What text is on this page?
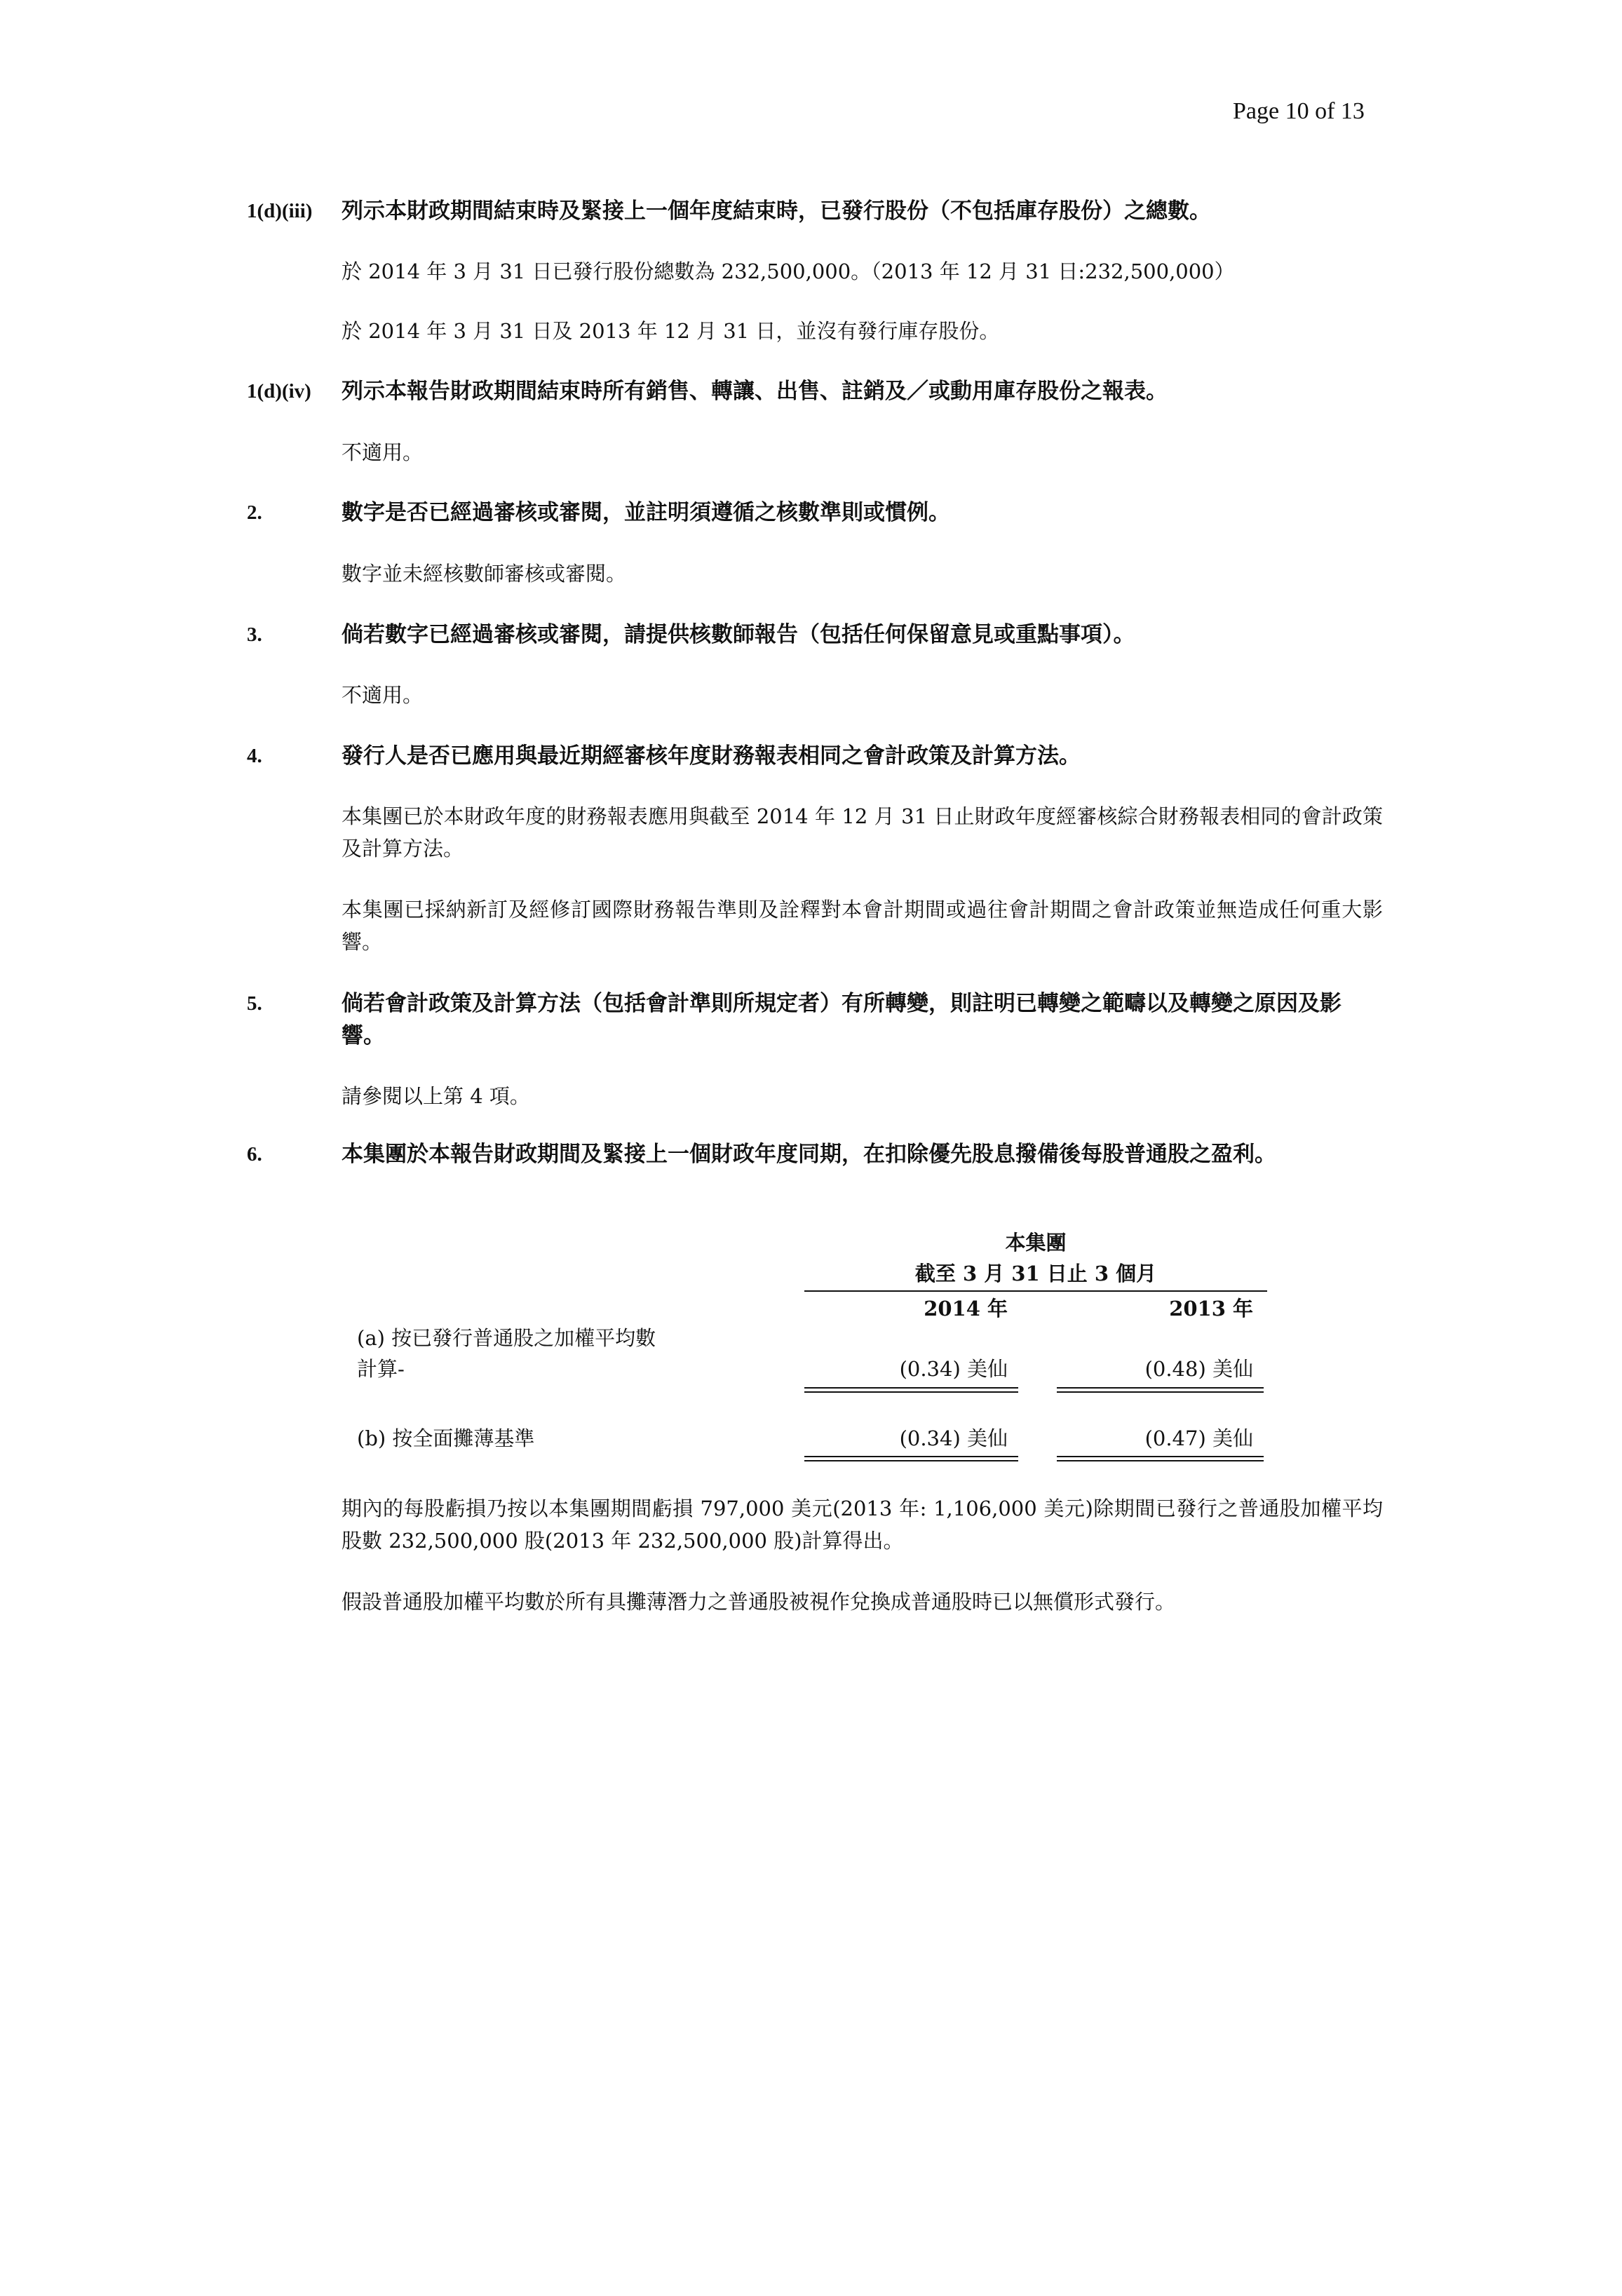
Page 10 of 13
1(d)(iii)	列示本財政期間結束時及緊接上一個年度結束時，已發行股份（不包括庫存股份）之總數。
於 2014 年 3 月 31 日已發行股份總數為 232,500,000。（2013 年 12 月 31 日:232,500,000）
於 2014 年 3 月 31 日及 2013 年 12 月 31 日，並沒有發行庫存股份。
1(d)(iv)	列示本報告財政期間結束時所有銷售、轉讓、出售、註銷及／或動用庫存股份之報表。
不適用。
2.	數字是否已經過審核或審閱，並註明須遵循之核數準則或慣例。
數字並未經核數師審核或審閱。
3.	倘若數字已經過審核或審閱，請提供核數師報告（包括任何保留意見或重點事項）。
不適用。
4.	發行人是否已應用與最近期經審核年度財務報表相同之會計政策及計算方法。
本集團已於本財政年度的財務報表應用與截至 2014 年 12 月 31 日止財政年度經審核綜合財務報表相同的會計政策及計算方法。
本集團已採納新訂及經修訂國際財務報告準則及詮釋對本會計期間或過往會計期間之會計政策並無造成任何重大影響。
5.	倘若會計政策及計算方法（包括會計準則所規定者）有所轉變，則註明已轉變之範疇以及轉變之原因及影響。
請參閱以上第 4 項。
6.	本集團於本報告財政期間及緊接上一個財政年度同期，在扣除優先股息撥備後每股普通股之盈利。
本集團
截至 3 月 31 日止 3 個月
2014 年	2013 年
(a) 按已發行普通股之加權平均數
計算-	(0.34) 美仙	(0.48) 美仙
(b) 按全面攤薄基準	(0.34) 美仙	(0.47) 美仙
期內的每股虧損乃按以本集團期間虧損 797,000 美元(2013 年: 1,106,000 美元)除期間已發行之普通股加權平均股數 232,500,000 股(2013 年 232,500,000 股)計算得出。
假設普通股加權平均數於所有具攤薄潛力之普通股被視作兌換成普通股時已以無償形式發行。
